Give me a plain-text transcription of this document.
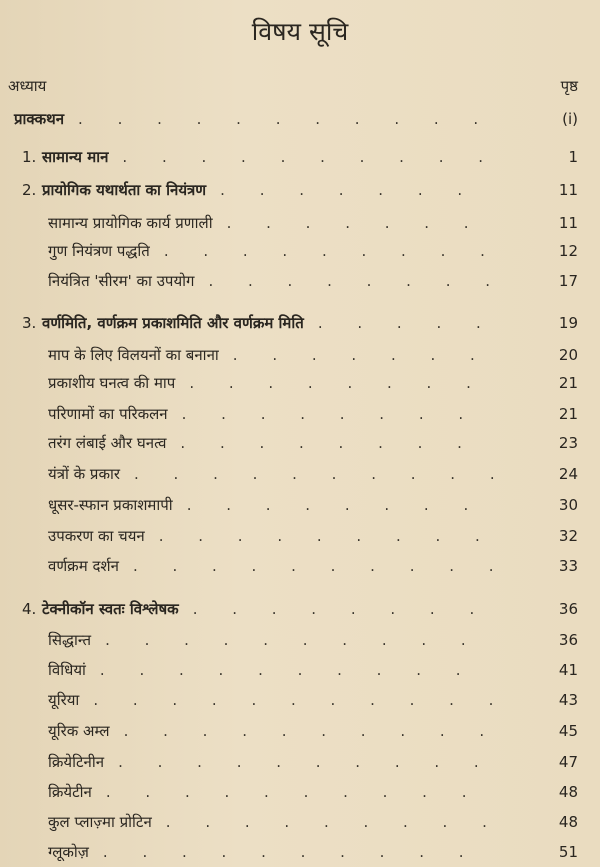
विषय सूचि
अध्याय	पृष्ठ
प्राक्कथन	(i)
.   .   .   .   .   .   .   .   .   .   .  
1. सामान्य मान	1
.   .   .   .   .   .   .   .   .   .  
2. प्रायोगिक यथार्थता का नियंत्रण	11
.   .   .   .   .   .   .  
सामान्य प्रायोगिक कार्य प्रणाली	11
.   .   .   .   .   .   .  
गुण नियंत्रण पद्धति	12
.   .   .   .   .   .   .   .   .  
नियंत्रित 'सीरम' का उपयोग	17
.   .   .   .   .   .   .   .  
3. वर्णमिति, वर्णक्रम प्रकाशमिति और वर्णक्रम मिति	19
.   .   .   .   .  
माप के लिए विलयनों का बनाना	20
.   .   .   .   .   .   .  
प्रकाशीय घनत्व की माप	21
.   .   .   .   .   .   .   .  
परिणामों का परिकलन	21
.   .   .   .   .   .   .   .  
तरंग लंबाई और घनत्व	23
.   .   .   .   .   .   .   .  
यंत्रों के प्रकार	24
.   .   .   .   .   .   .   .   .   .  
धूसर-स्फान प्रकाशमापी	30
.   .   .   .   .   .   .   .  
उपकरण का चयन	32
.   .   .   .   .   .   .   .   .  
वर्णक्रम दर्शन	33
.   .   .   .   .   .   .   .   .   .  
4. टेक्नीकॉन स्वतः विश्लेषक	36
.   .   .   .   .   .   .   .  
सिद्धान्त	36
.   .   .   .   .   .   .   .   .   .  
विधियां	41
.   .   .   .   .   .   .   .   .   .  
यूरिया	43
.   .   .   .   .   .   .   .   .   .   .  
यूरिक अम्ल	45
.   .   .   .   .   .   .   .   .   .  
क्रियेटिनीन	47
.   .   .   .   .   .   .   .   .   .  
क्रियेटीन	48
.   .   .   .   .   .   .   .   .   .  
कुल प्लाज़्मा प्रोटिन	48
.   .   .   .   .   .   .   .   .  
ग्लूकोज़	51
.   .   .   .   .   .   .   .   .   .  
